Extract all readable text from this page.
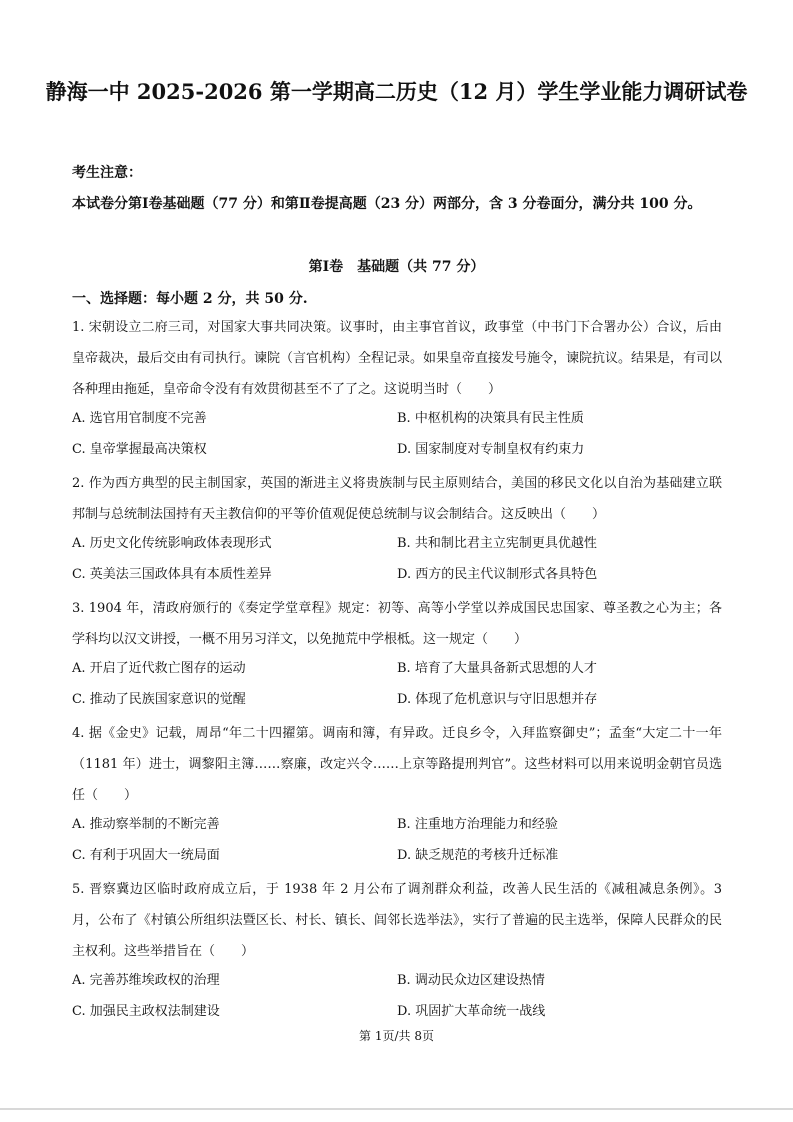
静海一中 2025-2026 第一学期高二历史（12 月）学生学业能力调研试卷
考生注意：
本试卷分第Ⅰ卷基础题（77 分）和第Ⅱ卷提高题（23 分）两部分，含 3 分卷面分，满分共 100 分。
第Ⅰ卷　基础题（共 77 分）
一、选择题：每小题 2 分，共 50 分.
1. 宋朝设立二府三司，对国家大事共同决策。议事时，由主事官首议，政事堂（中书门下合署办公）合议，后由皇帝裁决，最后交由有司执行。谏院（言官机构）全程记录。如果皇帝直接发号施令，谏院抗议。结果是，有司以各种理由拖延，皇帝命令没有有效贯彻甚至不了了之。这说明当时（　　）
A. 选官用官制度不完善	B. 中枢机构的决策具有民主性质
C. 皇帝掌握最高决策权	D. 国家制度对专制皇权有约束力
2. 作为西方典型的民主制国家，英国的渐进主义将贵族制与民主原则结合，美国的移民文化以自治为基础建立联邦制与总统制法国持有天主教信仰的平等价值观促使总统制与议会制结合。这反映出（　　）
A. 历史文化传统影响政体表现形式	B. 共和制比君主立宪制更具优越性
C. 英美法三国政体具有本质性差异	D. 西方的民主代议制形式各具特色
3. 1904 年，清政府颁行的《奏定学堂章程》规定：初等、高等小学堂以养成国民忠国家、尊圣教之心为主；各学科均以汉文讲授，一概不用另习洋文，以免抛荒中学根柢。这一规定（　　）
A. 开启了近代救亡图存的运动	B. 培育了大量具备新式思想的人才
C. 推动了民族国家意识的觉醒	D. 体现了危机意识与守旧思想并存
4. 据《金史》记载，周昂“年二十四擢第。调南和簿，有异政。迁良乡令，入拜监察御史”；孟奎“大定二十一年（1181 年）进士，调黎阳主簿……察廉，改定兴令……上京等路提刑判官”。这些材料可以用来说明金朝官员选任（　　）
A. 推动察举制的不断完善	B. 注重地方治理能力和经验
C. 有利于巩固大一统局面	D. 缺乏规范的考核升迁标准
5. 晋察冀边区临时政府成立后，于 1938 年 2 月公布了调剂群众利益，改善人民生活的《减租减息条例》。3 月，公布了《村镇公所组织法暨区长、村长、镇长、闾邻长选举法》，实行了普遍的民主选举，保障人民群众的民主权利。这些举措旨在（　　）
A. 完善苏维埃政权的治理	B. 调动民众边区建设热情
C. 加强民主政权法制建设	D. 巩固扩大革命统一战线
第 1页/共 8页
